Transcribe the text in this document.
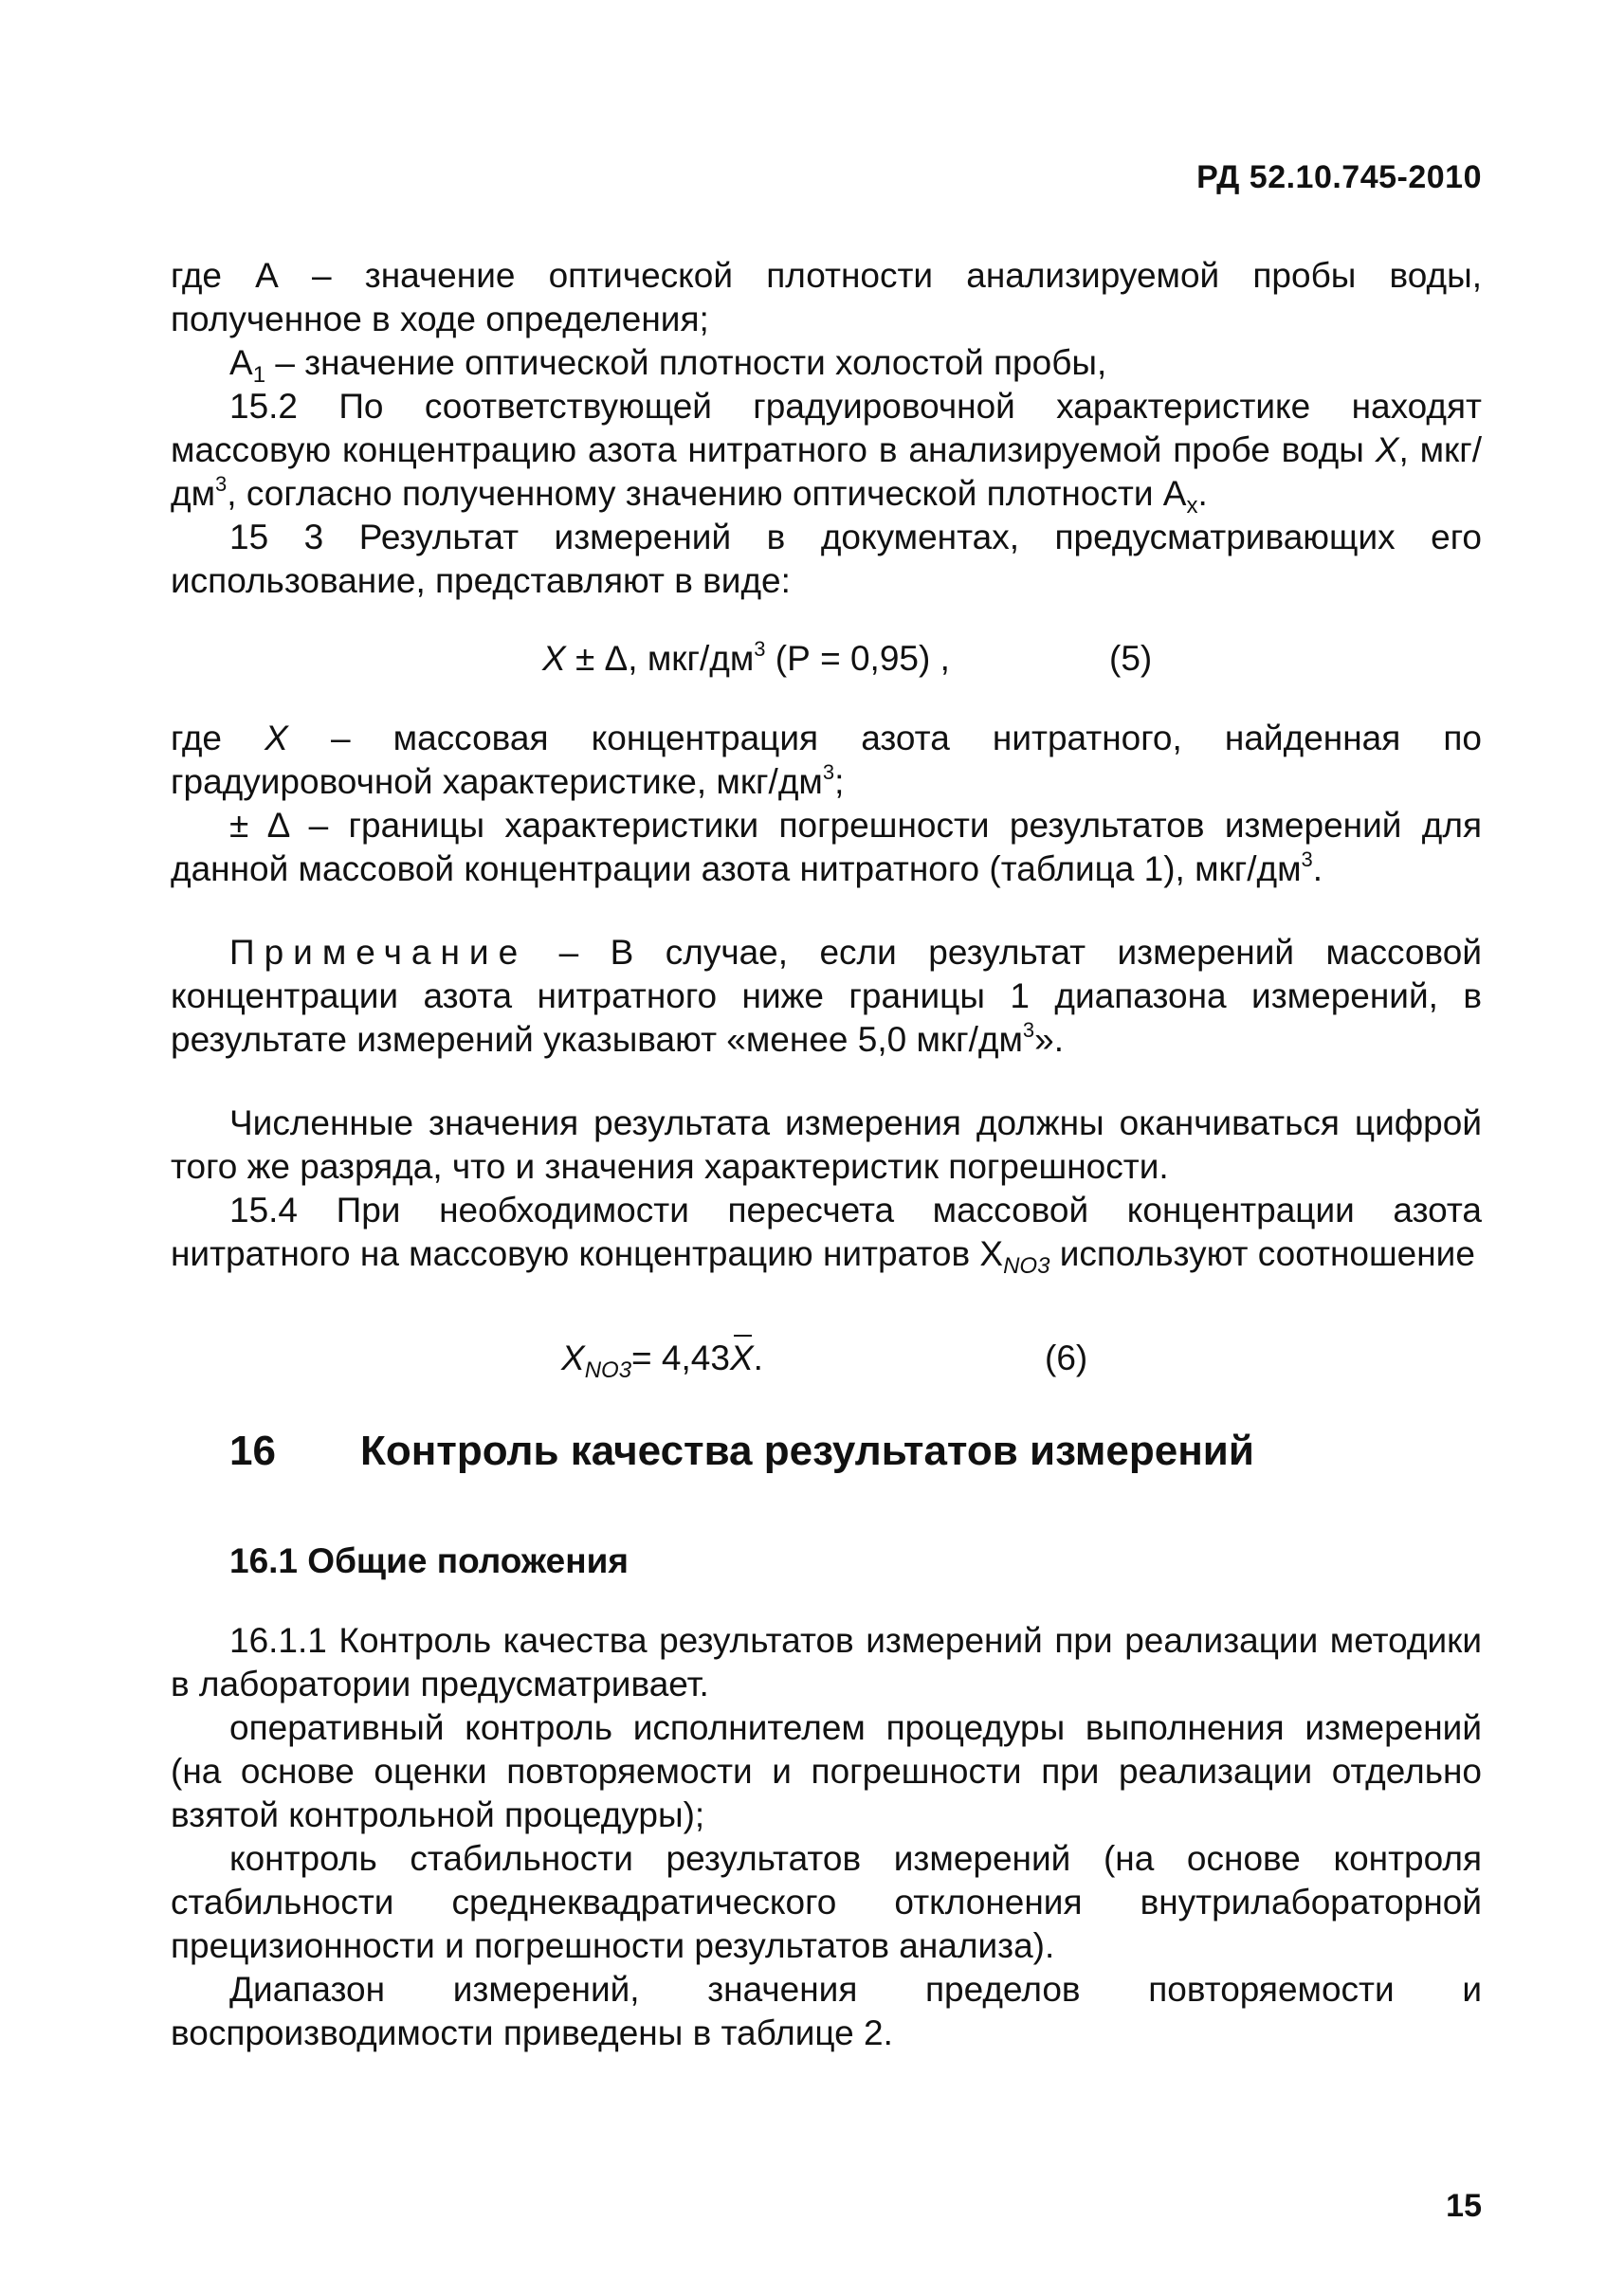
РД 52.10.745-2010

где А – значение оптической плотности анализируемой пробы воды, полученное в ходе определения;

$А_1$ – значение оптической плотности холостой пробы,

15.2 По соответствующей градуировочной характеристике находят массовую концентрацию азота нитратного в анализируемой пробе воды X, мкг/$дм^3$, согласно полученному значению оптической плотности $А_x$.

15 3 Результат измерений в документах, предусматривающих его использование, представляют в виде:

X ± Δ, мкг/$дм^3$ (Р = 0,95) ,	(5)

где X – массовая концентрация азота нитратного, найденная по градуировочной характеристике, мкг/$дм^3$;

± Δ – границы характеристики погрешности результатов измерений для данной массовой концентрации азота нитратного (таблица 1), мкг/$дм^3$.

Примечание – В случае, если результат измерений массовой концентрации азота нитратного ниже границы 1 диапазона измерений, в результате измерений указывают «менее 5,0 мкг/$дм^3$».

Численные значения результата измерения должны оканчиваться цифрой того же разряда, что и значения характеристик погрешности.

15.4 При необходимости пересчета массовой концентрации азота нитратного на массовую концентрацию нитратов $Х_{NO3}$ используют соотношение

$X_{NO3}= 4,43X$.	(6)
16 Контроль качества результатов измерений
16.1 Общие положения

16.1.1 Контроль качества результатов измерений при реализации методики в лаборатории предусматривает.

оперативный контроль исполнителем процедуры выполнения измерений (на основе оценки повторяемости и погрешности при реализации отдельно взятой контрольной процедуры);

контроль стабильности результатов измерений (на основе контроля стабильности среднеквадратического отклонения внутрилабораторной прецизионности и погрешности результатов анализа).

Диапазон измерений, значения пределов повторяемости и воспроизводимости приведены в таблице 2.

15
